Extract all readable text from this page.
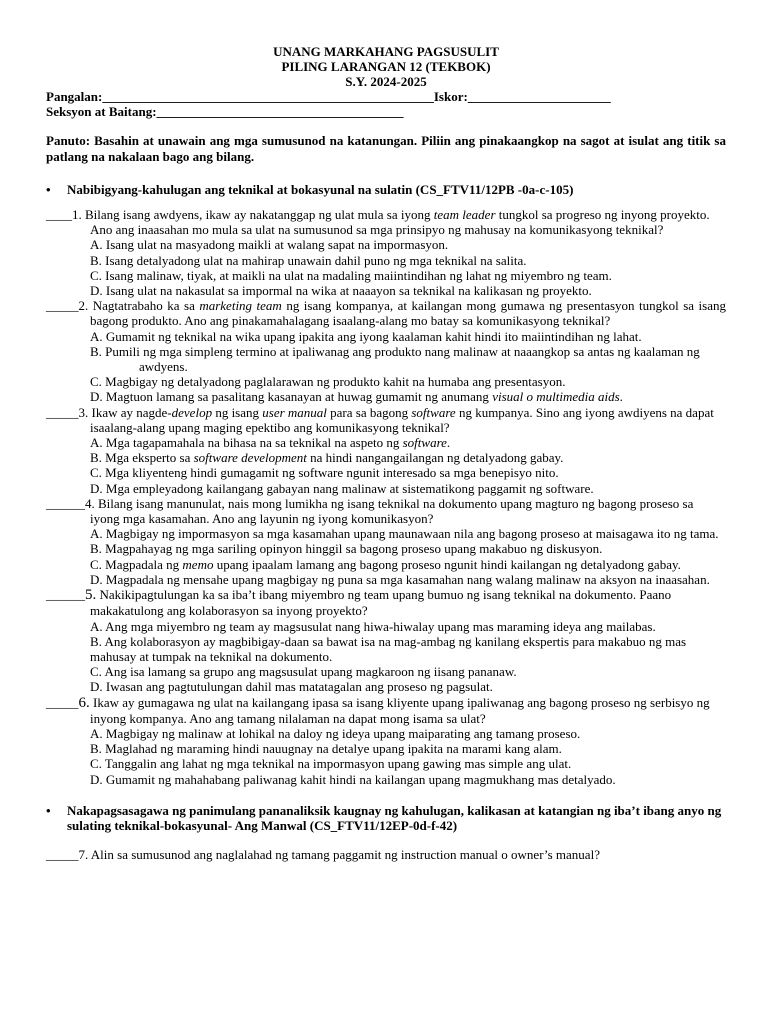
UNANG MARKAHANG PAGSUSULIT
PILING LARANGAN 12 (TEKBOK)
S.Y. 2024-2025
Pangalan:___________________________________________________Iskor:______________________
Seksyon at Baitang:______________________________________
Panuto: Basahin at unawain ang mga sumusunod na katanungan. Piliin ang pinakaangkop na sagot at isulat ang titik sa patlang na nakalaan bago ang bilang.
• Nabibigyang-kahulugan ang teknikal at bokasyunal na sulatin (CS_FTV11/12PB -0a-c-105)
____1. Bilang isang awdyens, ikaw ay nakatanggap ng ulat mula sa iyong team leader tungkol sa progreso ng inyong proyekto. Ano ang inaasahan mo mula sa ulat na sumusunod sa mga prinsipyo ng mahusay na komunikasyong teknikal?
A. Isang ulat na masyadong maikli at walang sapat na impormasyon.
B. Isang detalyadong ulat na mahirap unawain dahil puno ng mga teknikal na salita.
C. Isang malinaw, tiyak, at maikli na ulat na madaling maiintindihan ng lahat ng miyembro ng team.
D. Isang ulat na nakasulat sa impormal na wika at naaayon sa teknikal na kalikasan ng proyekto.
_____2. Nagtatrabaho ka sa marketing team ng isang kompanya, at kailangan mong gumawa ng presentasyon tungkol sa isang bagong produkto. Ano ang pinakamahalagang isaalang-alang mo batay sa komunikasyong teknikal?
A. Gumamit ng teknikal na wika upang ipakita ang iyong kaalaman kahit hindi ito maiintindihan ng lahat.
B. Pumili ng mga simpleng termino at ipaliwanag ang produkto nang malinaw at naaangkop sa antas ng kaalaman ng awdyens.
C. Magbigay ng detalyadong paglalarawan ng produkto kahit na humaba ang presentasyon.
D. Magtuon lamang sa pasalitang kasanayan at huwag gumamit ng anumang visual o multimedia aids.
_____3. Ikaw ay nagde-develop ng isang user manual para sa bagong software ng kumpanya. Sino ang iyong awdiyens na dapat isaalang-alang upang maging epektibo ang komunikasyong teknikal?
A. Mga tagapamahala na bihasa na sa teknikal na aspeto ng software.
B. Mga eksperto sa software development na hindi nangangailangan ng detalyadong gabay.
C. Mga kliyenteng hindi gumagamit ng software ngunit interesado sa mga benepisyo nito.
D. Mga empleyadong kailangang gabayan nang malinaw at sistematikong paggamit ng software.
______4. Bilang isang manunulat, nais mong lumikha ng isang teknikal na dokumento upang magturo ng bagong proseso sa iyong mga kasamahan. Ano ang layunin ng iyong komunikasyon?
A. Magbigay ng impormasyon sa mga kasamahan upang maunawaan nila ang bagong proseso at maisagawa ito ng tama.
B. Magpahayag ng mga sariling opinyon hinggil sa bagong proseso upang makabuo ng diskusyon.
C. Magpadala ng memo upang ipaalam lamang ang bagong proseso ngunit hindi kailangan ng detalyadong gabay.
D. Magpadala ng mensahe upang magbigay ng puna sa mga kasamahan nang walang malinaw na aksyon na inaasahan.
______5. Nakikipagtulungan ka sa iba’t ibang miyembro ng team upang bumuo ng isang teknikal na dokumento. Paano makakatulong ang kolaborasyon sa inyong proyekto?
A. Ang mga miyembro ng team ay magsusulat nang hiwa-hiwalay upang mas maraming ideya ang mailabas.
B. Ang kolaborasyon ay magbibigay-daan sa bawat isa na mag-ambag ng kanilang ekspertis para makabuo ng mas mahusay at tumpak na teknikal na dokumento.
C. Ang isa lamang sa grupo ang magsusulat upang magkaroon ng iisang pananaw.
D. Iwasan ang pagtutulungan dahil mas matatagalan ang proseso ng pagsulat.
_____6. Ikaw ay gumagawa ng ulat na kailangang ipasa sa isang kliyente upang ipaliwanag ang bagong proseso ng serbisyo ng inyong kompanya. Ano ang tamang nilalaman na dapat mong isama sa ulat?
A. Magbigay ng malinaw at lohikal na daloy ng ideya upang maiparating ang tamang proseso.
B. Maglahad ng maraming hindi nauugnay na detalye upang ipakita na marami kang alam.
C. Tanggalin ang lahat ng mga teknikal na impormasyon upang gawing mas simple ang ulat.
D. Gumamit ng mahahabang paliwanag kahit hindi na kailangan upang magmukhang mas detalyado.
• Nakapagsasagawa ng panimulang pananaliksik kaugnay ng kahulugan, kalikasan at katangian ng iba’t ibang anyo ng sulating teknikal-bokasyunal- Ang Manwal (CS_FTV11/12EP-0d-f-42)
_____7. Alin sa sumusunod ang naglalahad ng tamang paggamit ng instruction manual o owner’s manual?
